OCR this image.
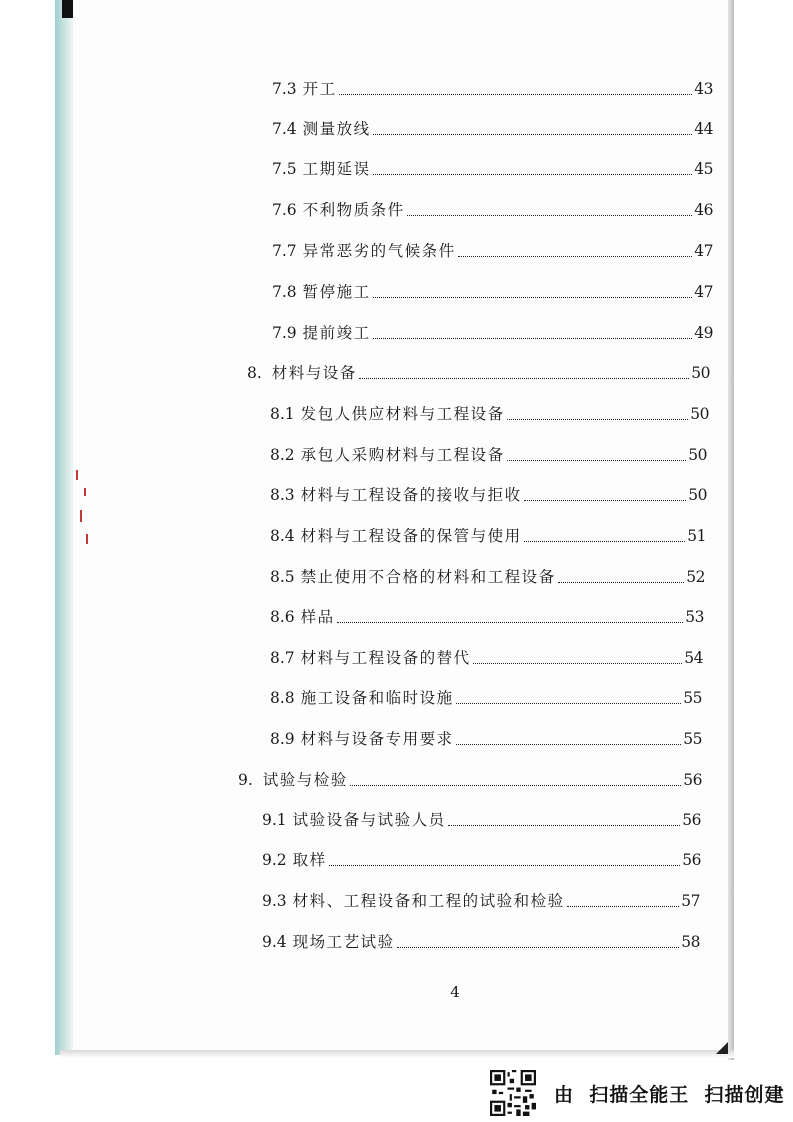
7.3 开工	43
7.4 测量放线	44
7.5 工期延误	45
7.6 不利物质条件	46
7.7 异常恶劣的气候条件	47
7.8 暂停施工	47
7.9 提前竣工	49
8. 材料与设备	50
8.1 发包人供应材料与工程设备	50
8.2 承包人采购材料与工程设备	50
8.3 材料与工程设备的接收与拒收	50
8.4 材料与工程设备的保管与使用	51
8.5 禁止使用不合格的材料和工程设备	52
8.6 样品	53
8.7 材料与工程设备的替代	54
8.8 施工设备和临时设施	55
8.9 材料与设备专用要求	55
9. 试验与检验	56
9.1 试验设备与试验人员	56
9.2 取样	56
9.3 材料、工程设备和工程的试验和检验	57
9.4 现场工艺试验	58
4
由  扫描全能王  扫描创建
